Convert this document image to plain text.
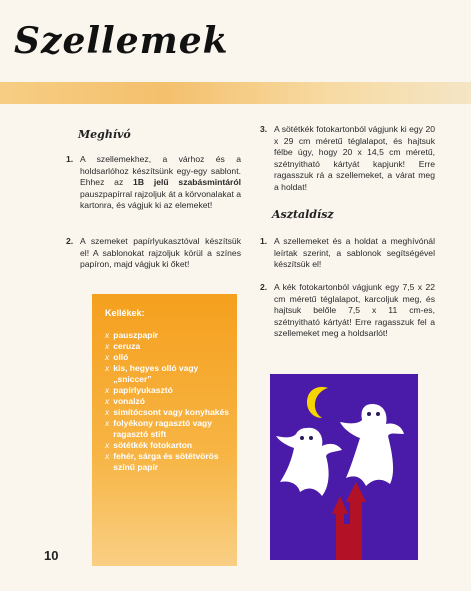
Szellemek
Meghívó
1. A szellemekhez, a várhoz és a holdsarlóhoz készítsünk egy-egy sablont. Ehhez az 1B jelű szabásmintáról pauszpapírral rajzoljuk át a körvonalakat a kartonra, és vágjuk ki az elemeket!
2. A szemeket papírlyukasztóval készítsük el! A sablonokat rajzoljuk körül a színes papíron, majd vágjuk ki őket!
3. A sötétkék fotokartonból vágjunk ki egy 20 x 29 cm méretű téglalapot, és hajtsuk félbe úgy, hogy 20 x 14,5 cm méretű, szétnyitható kártyát kapjunk! Erre ragasszuk rá a szellemeket, a várat meg a holdat!
Asztaldísz
1. A szellemeket és a holdat a meghívónál leírtak szerint, a sablonok segítségével készítsük el!
2. A kék fotokartonból vágjunk egy 7,5 x 22 cm méretű téglalapot, karcoljuk meg, és hajtsuk belőle 7,5 x 11 cm-es, szétnyitható kártyát! Erre ragasszuk fel a szellemeket meg a holdsarlót!
Kellékek:
x pauszpapír
x ceruza
x olló
x kis, hegyes olló vagy „sniccer”
x papírlyukasztó
x vonalzó
x simítócsont vagy konyhakés
x folyékony ragasztó vagy ragasztó stift
x sötétkék fotokarton
x fehér, sárga és sötétvörös színű papír
10
